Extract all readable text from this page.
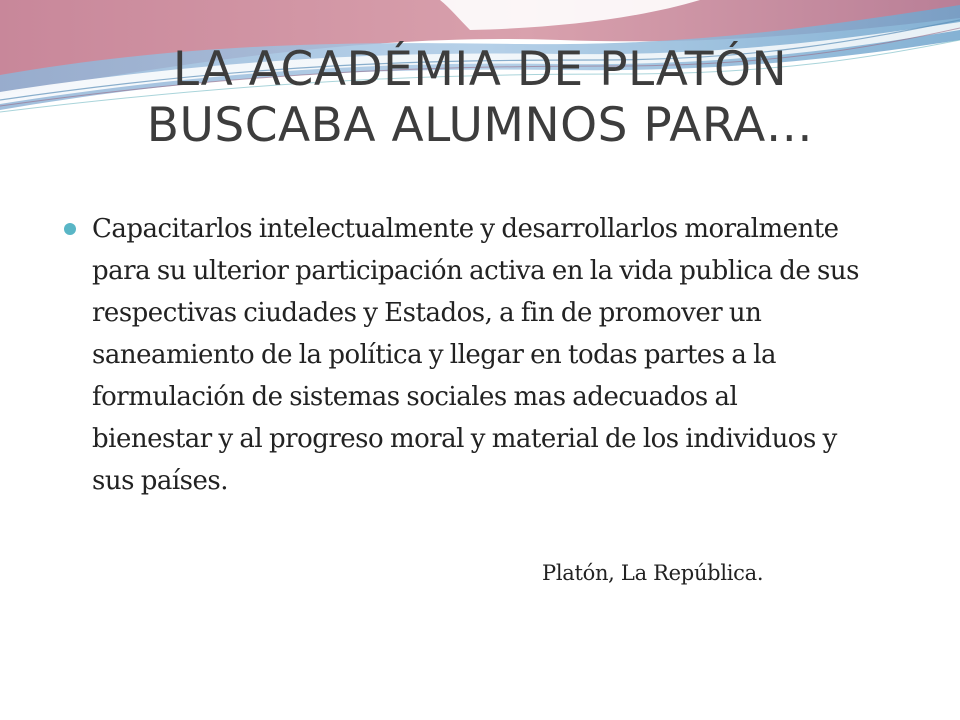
LA ACADÉMIA DE PLATÓN
BUSCABA ALUMNOS PARA…
Capacitarlos intelectualmente y desarrollarlos moralmente para su ulterior participación activa en la vida publica de sus respectivas ciudades y Estados, a fin de promover un saneamiento de la política y llegar en todas partes a la formulación de sistemas sociales mas adecuados al bienestar y al progreso moral y material de los individuos y sus países.
Platón, La República.
